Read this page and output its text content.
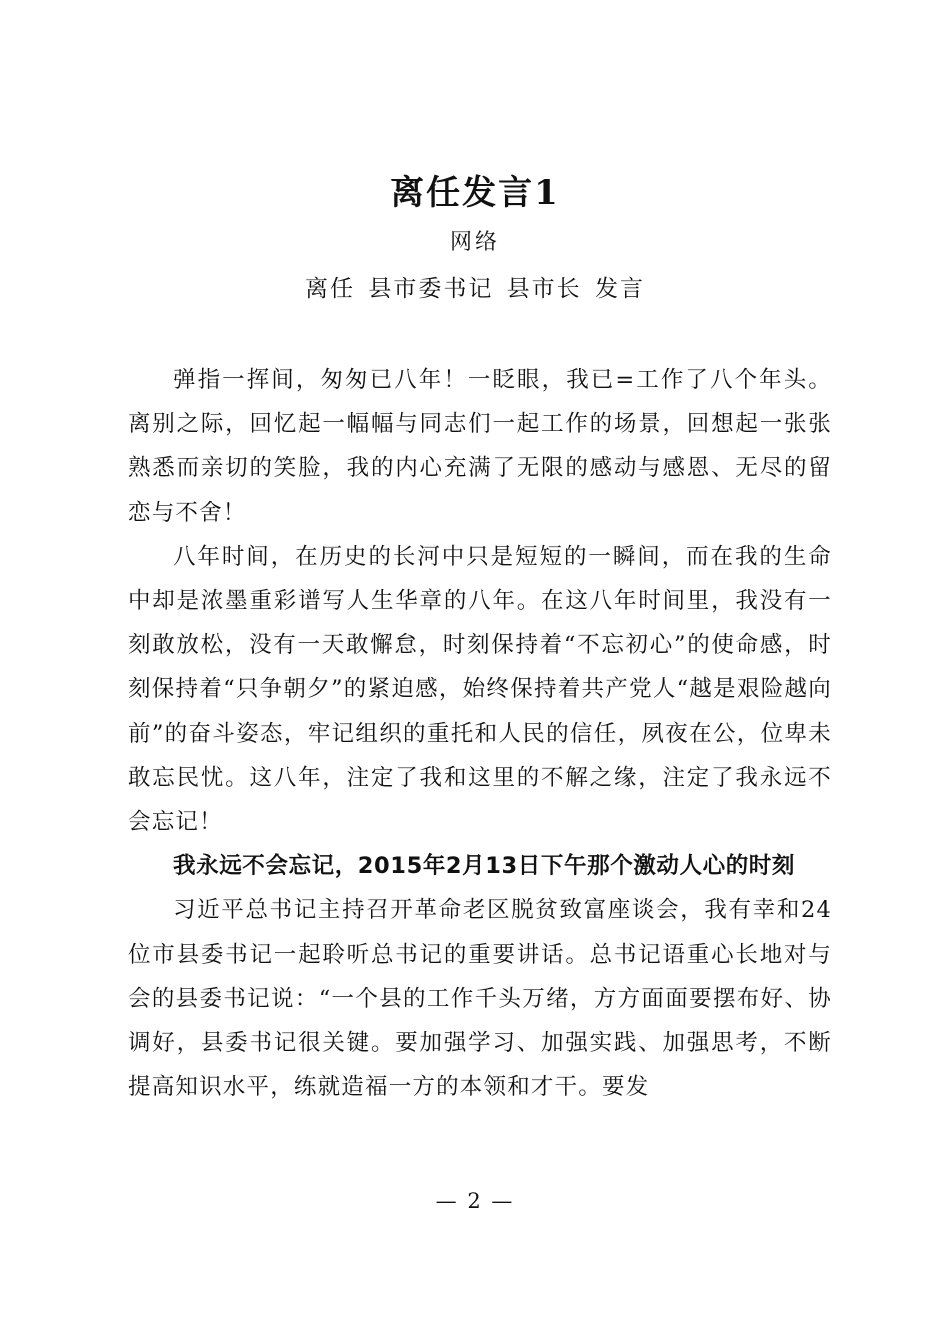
离任发言1
网络
离任 县市委书记 县市长 发言

弹指一挥间，匆匆已八年！一眨眼，我已=工作了八个年头。离别之际，回忆起一幅幅与同志们一起工作的场景，回想起一张张熟悉而亲切的笑脸，我的内心充满了无限的感动与感恩、无尽的留恋与不舍！

八年时间，在历史的长河中只是短短的一瞬间，而在我的生命中却是浓墨重彩谱写人生华章的八年。在这八年时间里，我没有一刻敢放松，没有一天敢懈怠，时刻保持着“不忘初心”的使命感，时刻保持着“只争朝夕”的紧迫感，始终保持着共产党人“越是艰险越向前”的奋斗姿态，牢记组织的重托和人民的信任，夙夜在公，位卑未敢忘民忧。这八年，注定了我和这里的不解之缘，注定了我永远不会忘记！

我永远不会忘记，2015年2月13日下午那个激动人心的时刻

习近平总书记主持召开革命老区脱贫致富座谈会，我有幸和24位市县委书记一起聆听总书记的重要讲话。总书记语重心长地对与会的县委书记说：“一个县的工作千头万绪，方方面面要摆布好、协调好，县委书记很关键。要加强学习、加强实践、加强思考，不断提高知识水平，练就造福一方的本领和才干。要发

— 2 —
